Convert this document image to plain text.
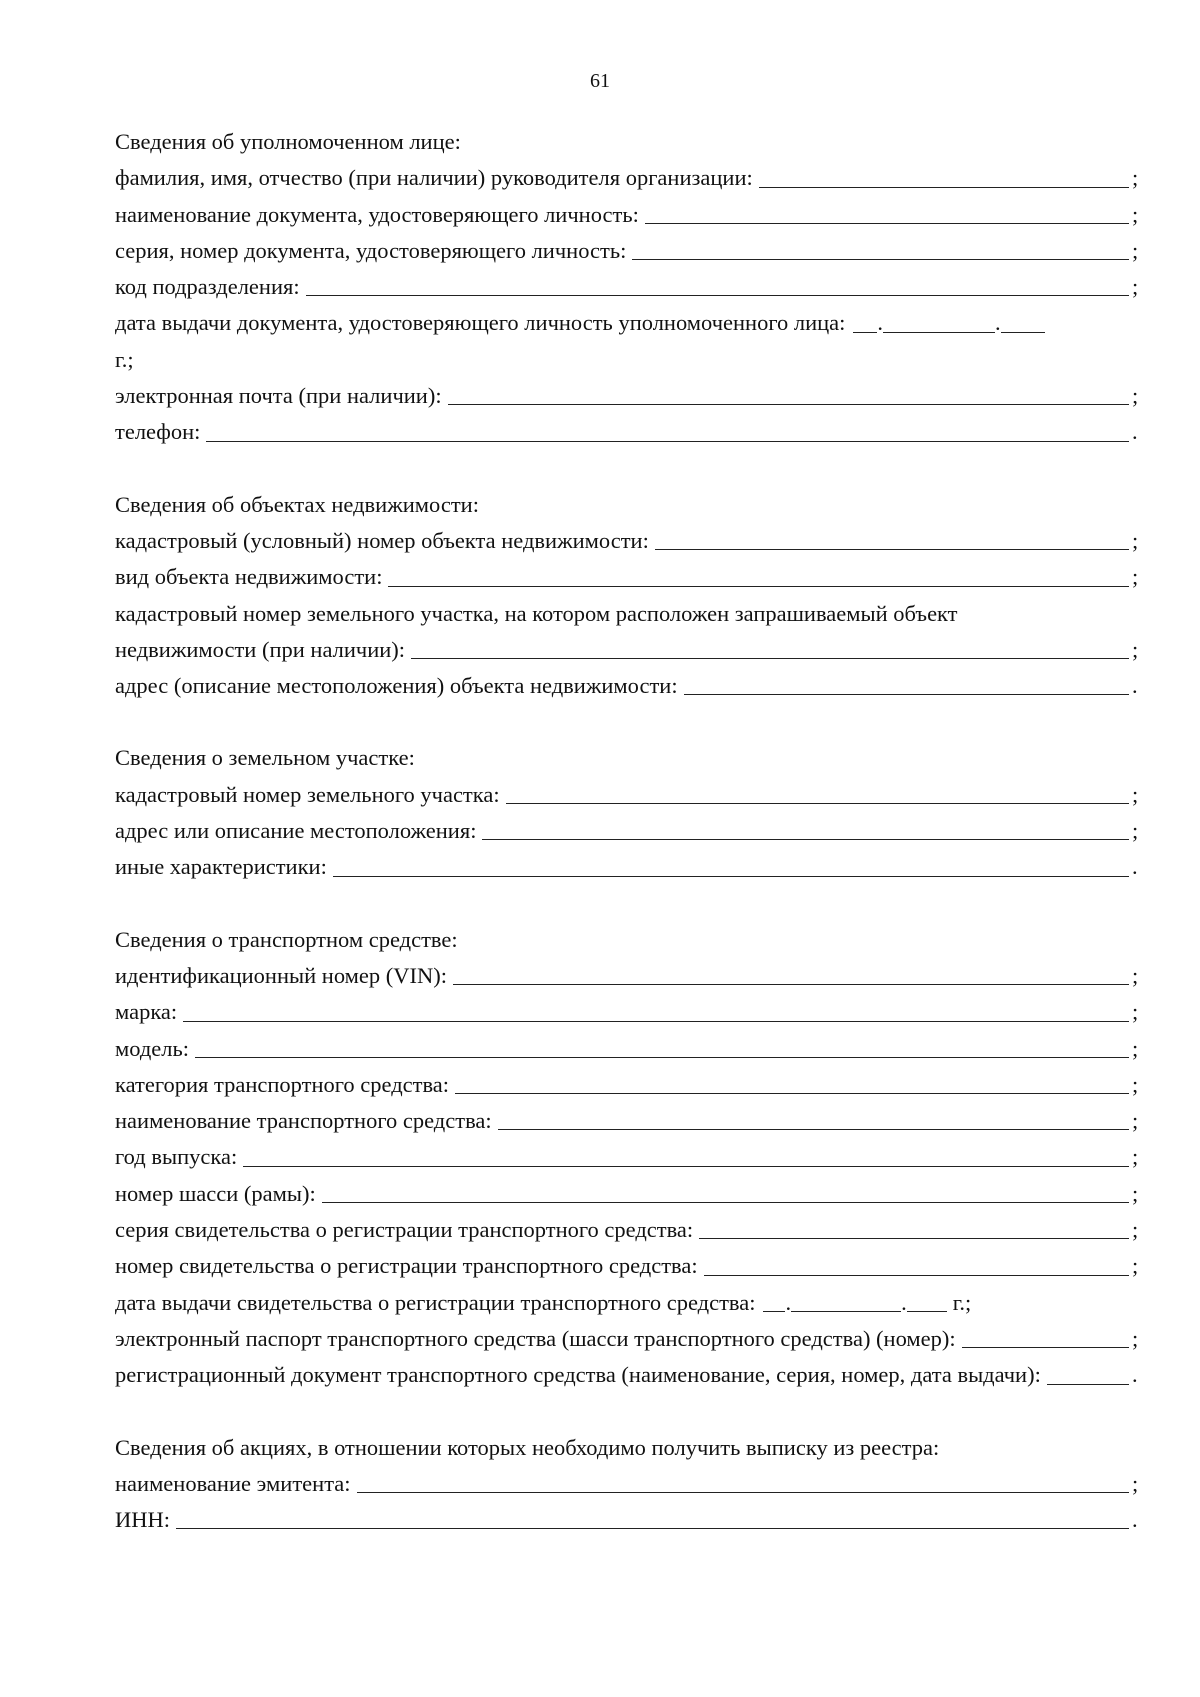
61
Сведения об уполномоченном лице:
фамилия, имя, отчество (при наличии) руководителя организации:	;
наименование документа, удостоверяющего личность:	;
серия, номер документа, удостоверяющего личность:	;
код подразделения:	;
дата выдачи документа, удостоверяющего личность уполномоченного лица: .	.
г.;
электронная почта (при наличии):	;
телефон:	.
Сведения об объектах недвижимости:
кадастровый (условный) номер объекта недвижимости:	;
вид объекта недвижимости:	;
кадастровый номер земельного участка, на котором расположен запрашиваемый объект
недвижимости (при наличии):	;
адрес (описание местоположения) объекта недвижимости:	.
Сведения о земельном участке:
кадастровый номер земельного участка:	;
адрес или описание местоположения:	;
иные характеристики:	.
Сведения о транспортном средстве:
идентификационный номер (VIN):	;
марка:	;
модель:	;
категория транспортного средства:	;
наименование транспортного средства:	;
год выпуска:	;
номер шасси (рамы):	;
серия свидетельства о регистрации транспортного средства:	;
номер свидетельства о регистрации транспортного средства:	;
дата выдачи свидетельства о регистрации транспортного средства: .	. г.;
электронный паспорт транспортного средства (шасси транспортного средства) (номер):	;
регистрационный документ транспортного средства (наименование, серия, номер, дата выдачи):	.
Сведения об акциях, в отношении которых необходимо получить выписку из реестра:
наименование эмитента:	;
ИНН:	.
